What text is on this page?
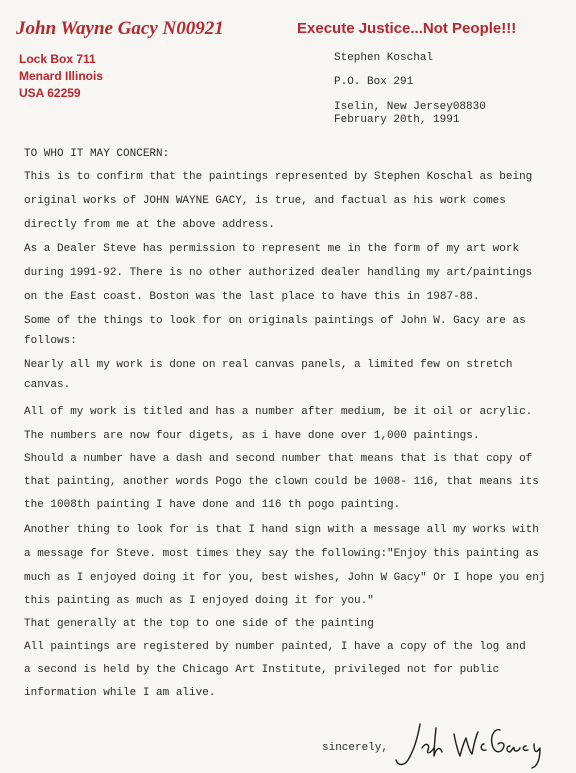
John Wayne Gacy N00921	Execute Justice...Not People!!!
Lock Box 711
Menard Illinois
USA 62259
Stephen Koschal
P.O. Box 291
Iselin, New Jersey08830
February 20th, 1991
TO WHO IT MAY CONCERN:
This is to confirm that the paintings represented by Stephen Koschal as being
original works of JOHN WAYNE GACY, is true, and factual as his work comes
directly from me at the above address.
As a Dealer Steve has permission to represent me in the form of my art work
during 1991-92. There is no other authorized dealer handling my art/paintings
on the East coast. Boston was the last place to have this in 1987-88.
Some of the things to look for on originals paintings of John W. Gacy are as
follows:
Nearly all my work is done on real canvas panels, a limited few on stretch
canvas.
All of my work is titled and has a number after medium, be it oil or acrylic.
The numbers are now four digets, as i have done over 1,000 paintings.
Should a number have a dash and second number that means that is that copy of
that painting, another words Pogo the clown could be 1008- 116, that means its
the 1008th painting I have done and 116 th pogo painting.
Another thing to look for is that I hand sign with a message all my works with
a message for Steve. most times they say the following:"Enjoy this painting as
much as I enjoyed doing it for you, best wishes, John W Gacy" Or I hope you enj
this painting as much as I enjoyed doing it for you."
That generally at the top to one side of the painting
All paintings are registered by number painted, I have a copy of the log and
a second is held by the Chicago Art Institute, privileged not for public
information while I am alive.
sincerely,
